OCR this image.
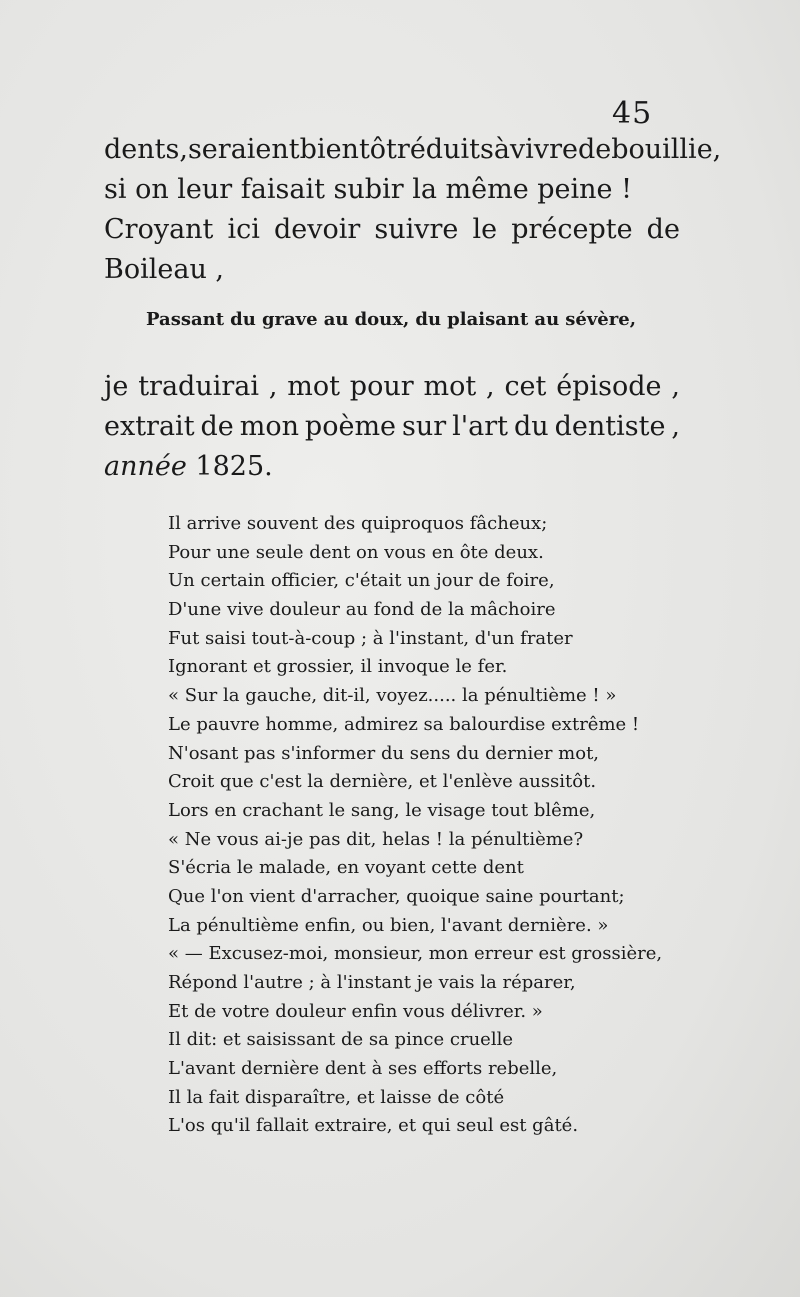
45
dents, seraient bientôt réduits à vivre de bouillie,
si on leur faisait subir la même peine !
Croyant ici devoir suivre le précepte de
Boileau ,
Passant du grave au doux, du plaisant au sévère,
je traduirai , mot pour mot , cet épisode ,
extrait de mon poème sur l'art du dentiste ,
année 1825.
Il arrive souvent des quiproquos fâcheux;
Pour une seule dent on vous en ôte deux.
Un certain officier, c'était un jour de foire,
D'une vive douleur au fond de la mâchoire
Fut saisi tout-à-coup ; à l'instant, d'un frater
Ignorant et grossier, il invoque le fer.
« Sur la gauche, dit-il, voyez..... la pénultième ! »
Le pauvre homme, admirez sa balourdise extrême !
N'osant pas s'informer du sens du dernier mot,
Croit que c'est la dernière, et l'enlève aussitôt.
Lors en crachant le sang, le visage tout blême,
« Ne vous ai-je pas dit, helas ! la pénultième?
S'écria le malade, en voyant cette dent
Que l'on vient d'arracher, quoique saine pourtant;
La pénultième enfin, ou bien, l'avant dernière. »
« — Excusez-moi, monsieur, mon erreur est grossière,
Répond l'autre ; à l'instant je vais la réparer,
Et de votre douleur enfin vous délivrer. »
Il dit: et saisissant de sa pince cruelle
L'avant dernière dent à ses efforts rebelle,
Il la fait disparaître, et laisse de côté
L'os qu'il fallait extraire, et qui seul est gâté.
